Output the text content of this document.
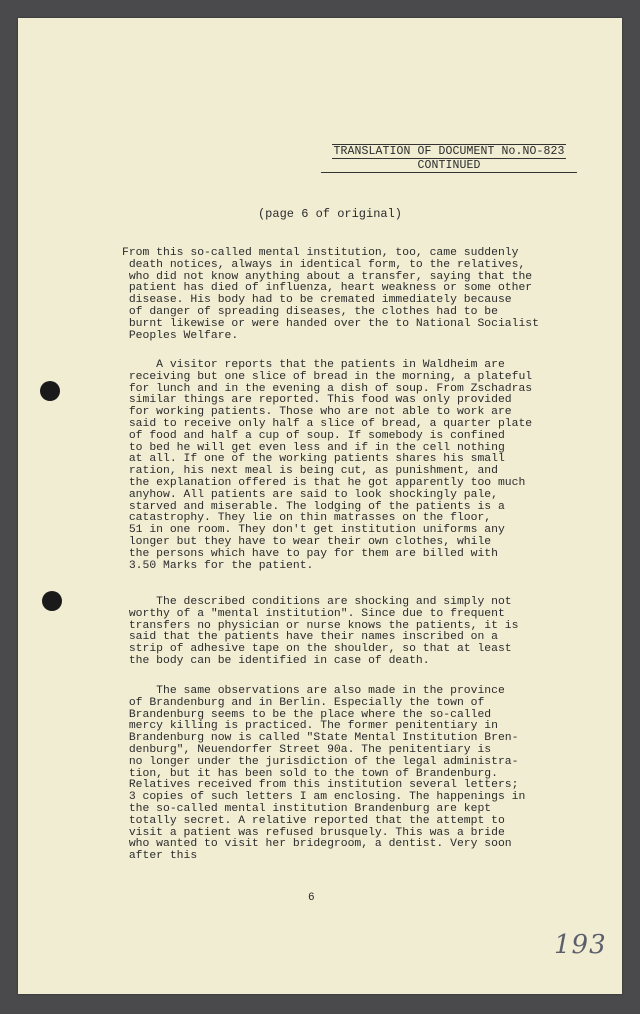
TRANSLATION OF DOCUMENT No.NO-823
CONTINUED
(page 6 of original)
From this so-called mental institution, too, came suddenly
death notices, always in identical form, to the relatives,
who did not know anything about a transfer, saying that the
patient has died of influenza, heart weakness or some other
disease. His body had to be cremated immediately because
of danger of spreading diseases, the clothes had to be
burnt likewise or were handed over the to National Socialist
Peoples Welfare.
A visitor reports that the patients in Waldheim are
receiving but one slice of bread in the morning, a plateful
for lunch and in the evening a dish of soup. From Zschadras
similar things are reported. This food was only provided
for working patients. Those who are not able to work are
said to receive only half a slice of bread, a quarter plate
of food and half a cup of soup. If somebody is confined
to bed he will get even less and if in the cell nothing
at all. If one of the working patients shares his small
ration, his next meal is being cut, as punishment, and
the explanation offered is that he got apparently too much
anyhow. All patients are said to look shockingly pale,
starved and miserable. The lodging of the patients is a
catastrophy. They lie on thin matrasses on the floor,
51 in one room. They don't get institution uniforms any
longer but they have to wear their own clothes, while
the persons which have to pay for them are billed with
3.50 Marks for the patient.
The described conditions are shocking and simply not
worthy of a "mental institution". Since due to frequent
transfers no physician or nurse knows the patients, it is
said that the patients have their names inscribed on a
strip of adhesive tape on the shoulder, so that at least
the body can be identified in case of death.
The same observations are also made in the province
of Brandenburg and in Berlin. Especially the town of
Brandenburg seems to be the place where the so-called
mercy killing is practiced. The former penitentiary in
Brandenburg now is called "State Mental Institution Bren-
denburg", Neuendorfer Street 90a. The penitentiary is
no longer under the jurisdiction of the legal administra-
tion, but it has been sold to the town of Brandenburg.
Relatives received from this institution several letters;
3 copies of such letters I am enclosing. The happenings in
the so-called mental institution Brandenburg are kept
totally secret. A relative reported that the attempt to
visit a patient was refused brusquely. This was a bride
who wanted to visit her bridegroom, a dentist. Very soon
after this
6
193
